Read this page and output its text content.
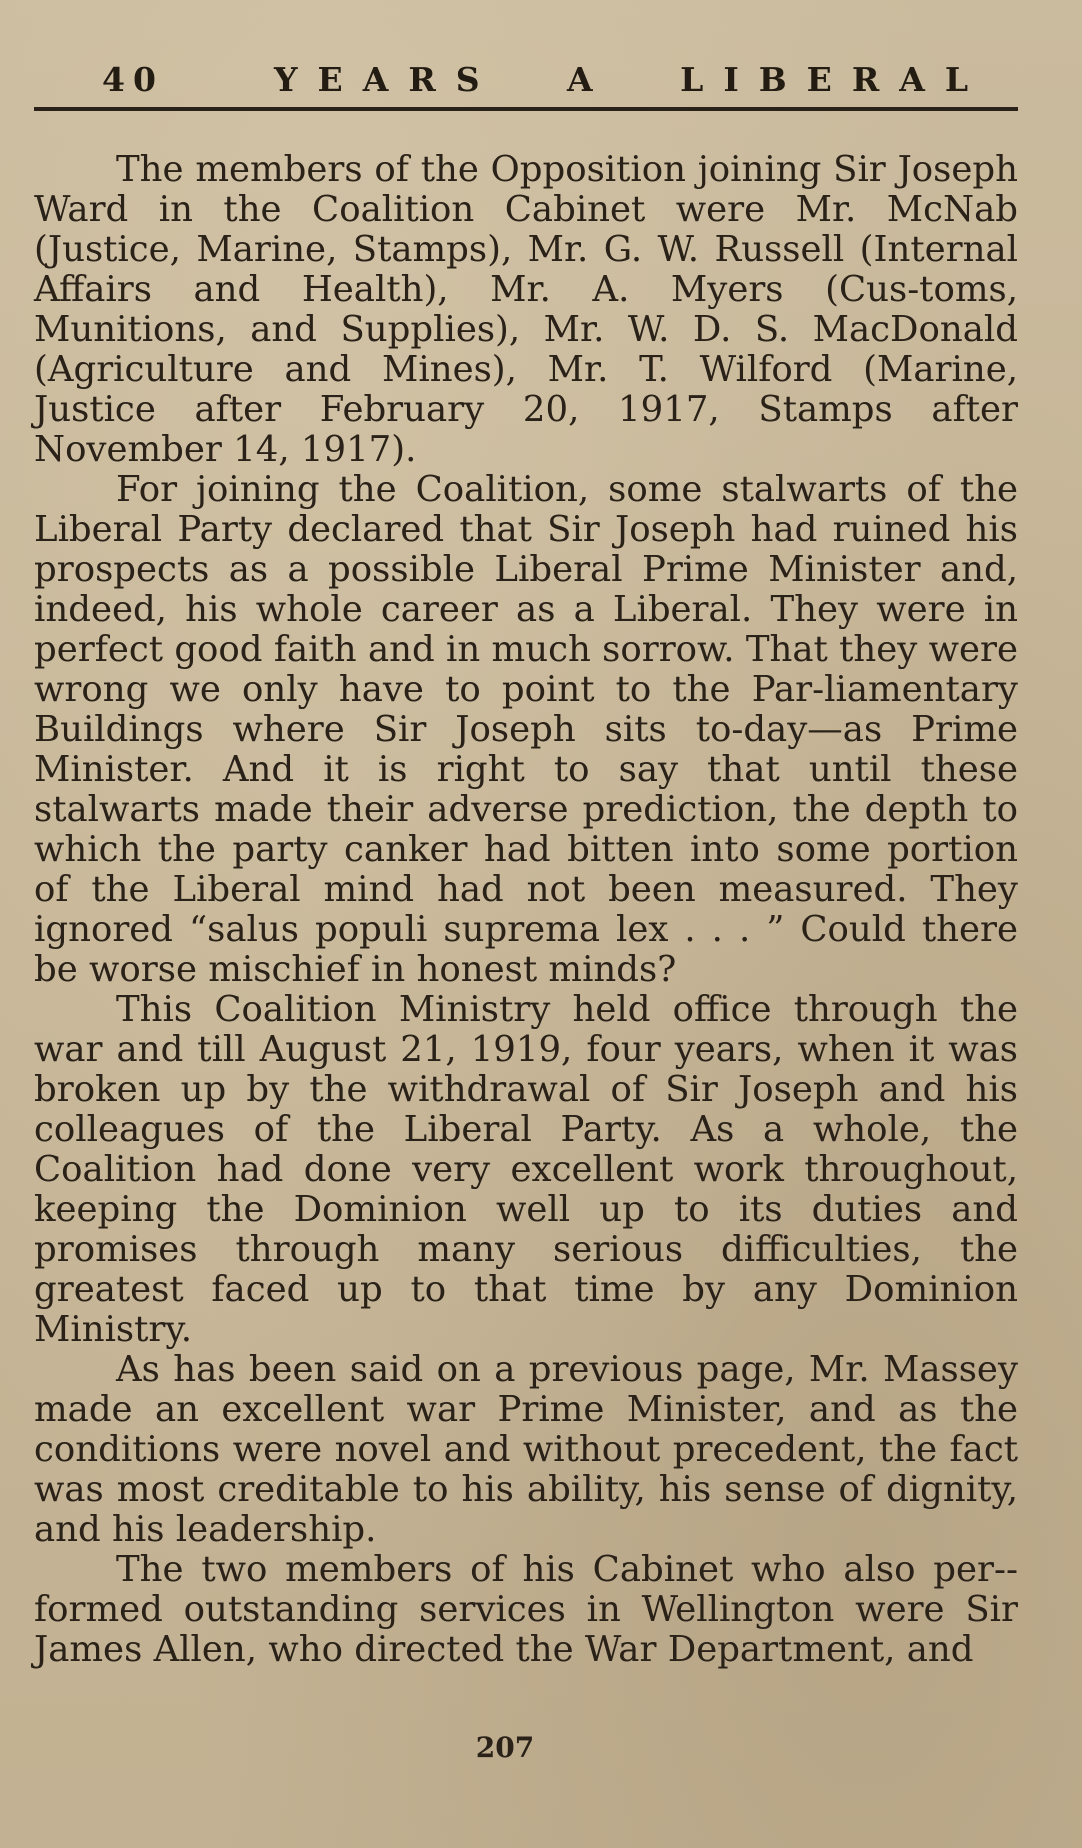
40	YEARS A LIBERAL

The members of the Opposition joining Sir Joseph Ward in the Coalition Cabinet were Mr. McNab (Justice, Marine, Stamps), Mr. G. W. Russell (Internal Affairs and Health), Mr. A. Myers (Cus-toms, Munitions, and Supplies), Mr. W. D. S. MacDonald (Agriculture and Mines), Mr. T. Wilford (Marine, Justice after February 20, 1917, Stamps after November 14, 1917).

For joining the Coalition, some stalwarts of the Liberal Party declared that Sir Joseph had ruined his prospects as a possible Liberal Prime Minister and, indeed, his whole career as a Liberal. They were in perfect good faith and in much sorrow. That they were wrong we only have to point to the Par-liamentary Buildings where Sir Joseph sits to-day—as Prime Minister. And it is right to say that until these stalwarts made their adverse prediction, the depth to which the party canker had bitten into some portion of the Liberal mind had not been measured. They ignored “salus populi suprema lex . . . ” Could there be worse mischief in honest minds?

This Coalition Ministry held office through the war and till August 21, 1919, four years, when it was broken up by the withdrawal of Sir Joseph and his colleagues of the Liberal Party. As a whole, the Coalition had done very excellent work throughout, keeping the Dominion well up to its duties and promises through many serious difficulties, the greatest faced up to that time by any Dominion Ministry.

As has been said on a previous page, Mr. Massey made an excellent war Prime Minister, and as the conditions were novel and without precedent, the fact was most creditable to his ability, his sense of dignity, and his leadership.

The two members of his Cabinet who also per-formed outstanding services in Wellington were Sir James Allen, who directed the War Department, and

207
